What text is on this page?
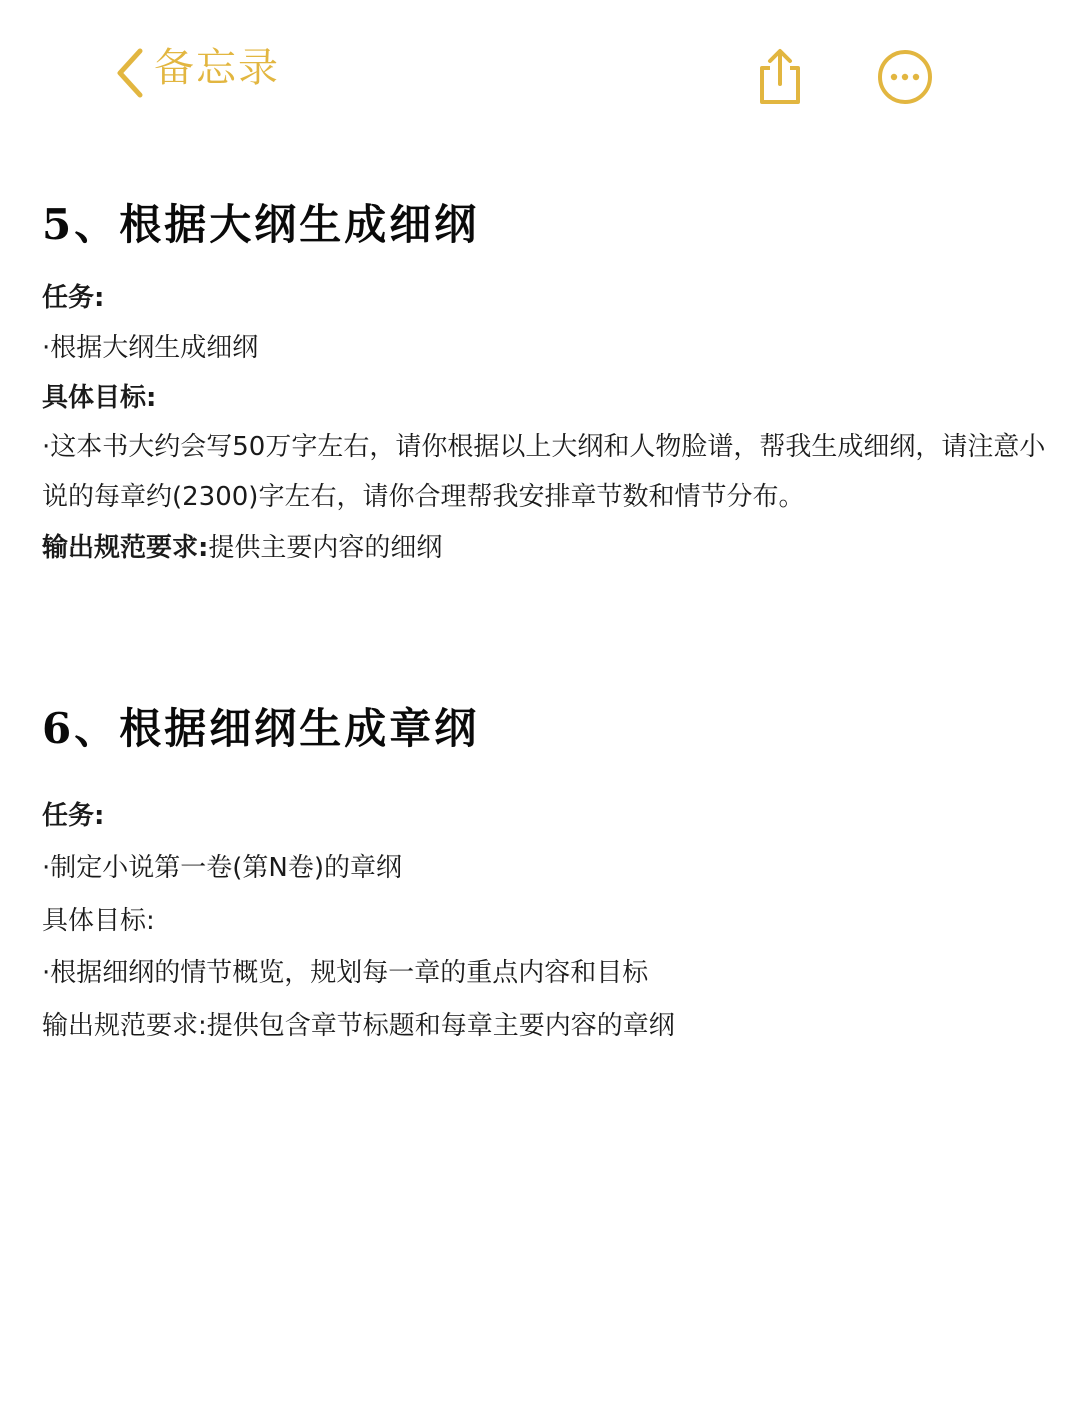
备忘录
5、根据大纲生成细纲

任务:

·根据大纲生成细纲

具体目标:

·这本书大约会写50万字左右，请你根据以上大纲和人物脸谱，帮我生成细纲，请注意小说的每章约(2300)字左右，请你合理帮我安排章节数和情节分布。

输出规范要求:提供主要内容的细纲

6、根据细纲生成章纲

任务:

·制定小说第一卷(第N卷)的章纲

具体目标:

·根据细纲的情节概览，规划每一章的重点内容和目标

输出规范要求:提供包含章节标题和每章主要内容的章纲
